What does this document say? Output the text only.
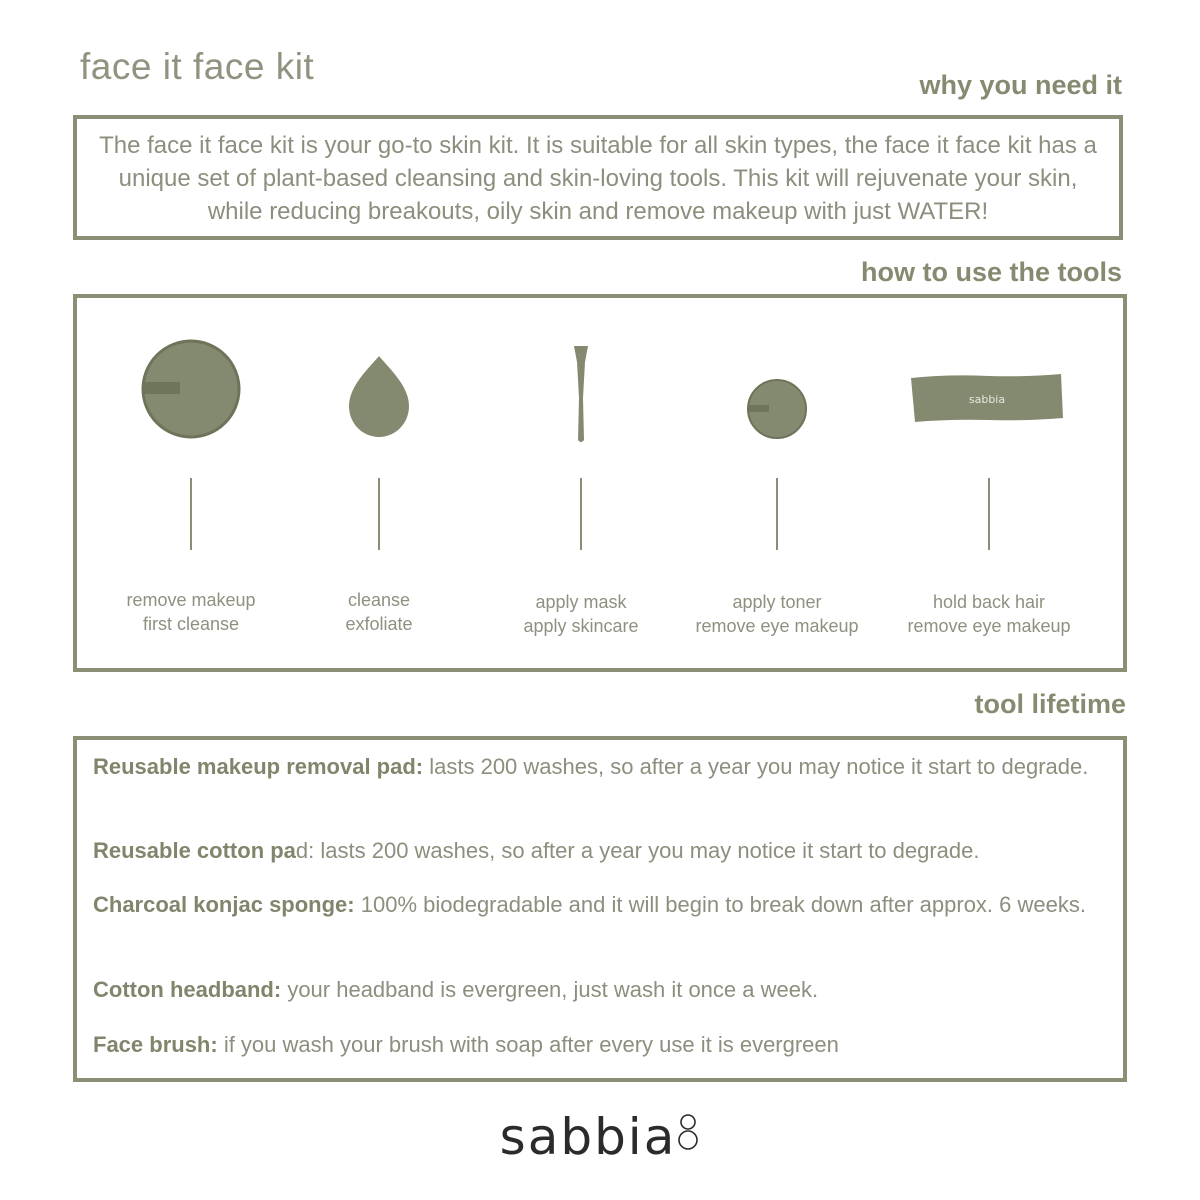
face it face kit	why you need it

The face it face kit is your go-to skin kit. It is suitable for all skin types, the face it face kit has a unique set of plant-based cleansing and skin-loving tools. This kit will rejuvenate your skin, while reducing breakouts, oily skin and remove makeup with just WATER!

how to use the tools

remove makeup
first cleanse

cleanse
exfoliate

apply mask
apply skincare

apply toner
remove eye makeup

sabbia

hold back hair
remove eye makeup

tool lifetime

Reusable makeup removal pad: lasts 200 washes, so after a year you may notice it start to degrade.

Reusable cotton pad: lasts 200 washes, so after a year you may notice it start to degrade.

Charcoal konjac sponge: 100% biodegradable and it will begin to break down after approx. 6 weeks.

Cotton headband: your headband is evergreen, just wash it once a week.

Face brush: if you wash your brush with soap after every use it is evergreen

sabbia
